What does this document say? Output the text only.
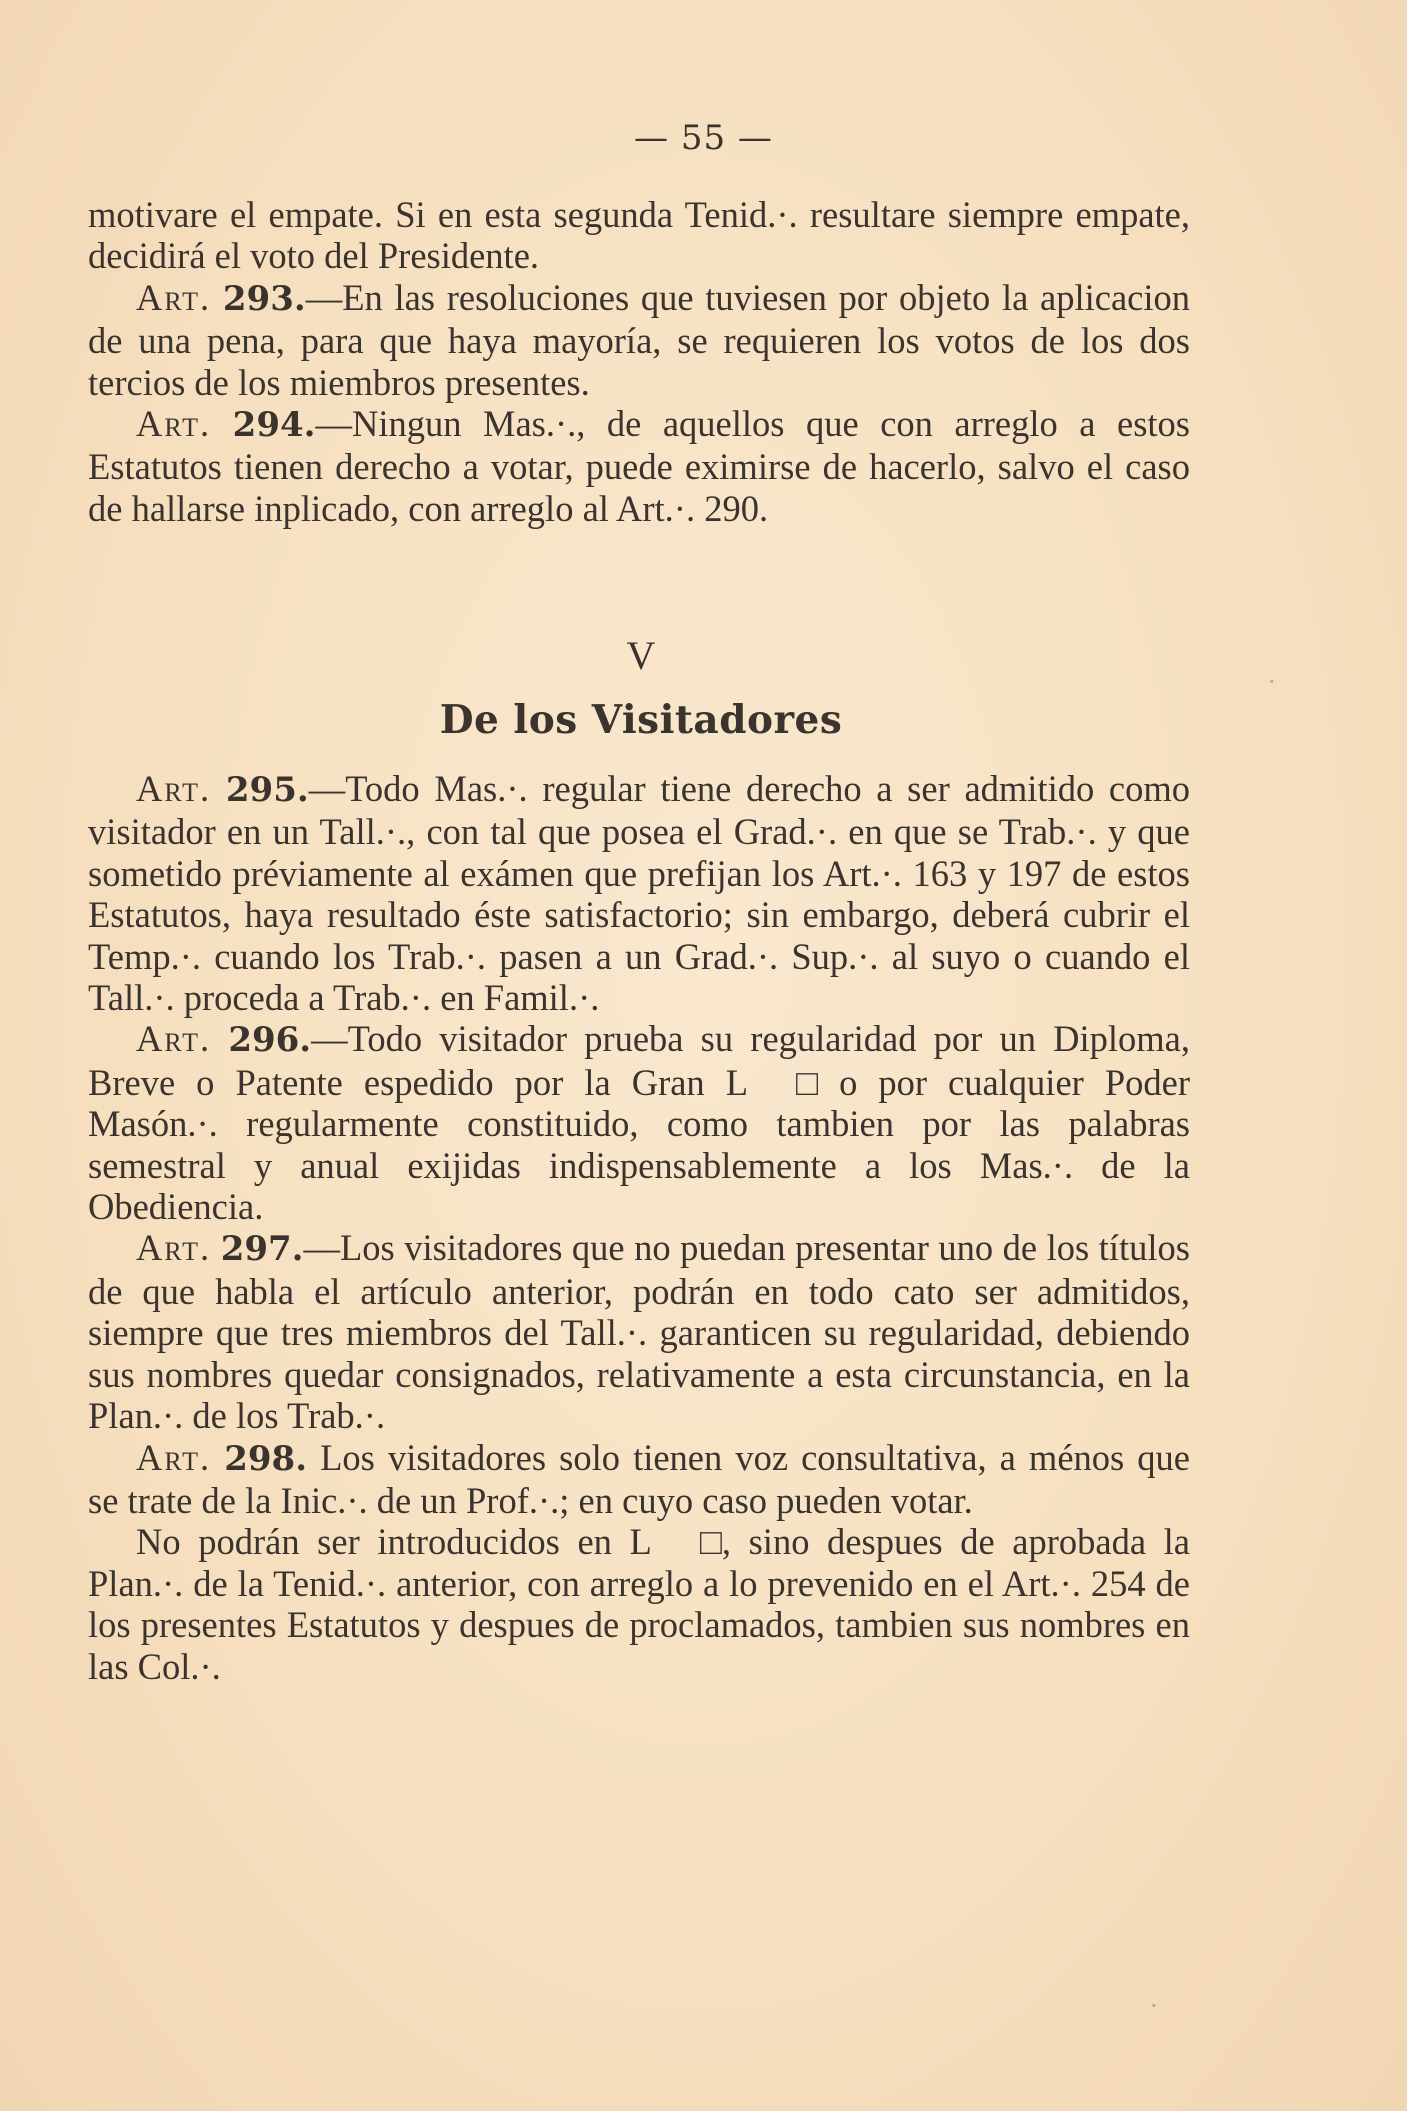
— 55 —

motivare el empate. Si en esta segunda Tenid.·. resultare siempre empate, decidirá el voto del Presidente.

Art. 293.—En las resoluciones que tuviesen por objeto la aplicacion de una pena, para que haya mayoría, se requieren los votos de los dos tercios de los miembros presentes.

Art. 294.—Ningun Mas.·., de aquellos que con arreglo a estos Estatutos tienen derecho a votar, puede eximirse de hacerlo, salvo el caso de hallarse inplicado, con arreglo al Art.·. 290.

V
De los Visitadores

Art. 295.—Todo Mas.·. regular tiene derecho a ser admitido como visitador en un Tall.·., con tal que posea el Grad.·. en que se Trab.·. y que sometido préviamente al exámen que prefijan los Art.·. 163 y 197 de estos Estatutos, haya resultado éste satisfactorio; sin embargo, deberá cubrir el Temp.·. cuando los Trab.·. pasen a un Grad.·. Sup.·. al suyo o cuando el Tall.·. proceda a Trab.·. en Famil.·.

Art. 296.—Todo visitador prueba su regularidad por un Diploma, Breve o Patente espedido por la Gran L □ o por cualquier Poder Masón.·. regularmente constituido, como tambien por las palabras semestral y anual exijidas indispensablemente a los Mas.·. de la Obediencia.

Art. 297.—Los visitadores que no puedan presentar uno de los títulos de que habla el artículo anterior, podrán en todo cato ser admitidos, siempre que tres miembros del Tall.·. garanticen su regularidad, debiendo sus nombres quedar consignados, relativamente a esta circunstancia, en la Plan.·. de los Trab.·.

Art. 298. Los visitadores solo tienen voz consultativa, a ménos que se trate de la Inic.·. de un Prof.·.; en cuyo caso pueden votar.

No podrán ser introducidos en L □, sino despues de aprobada la Plan.·. de la Tenid.·. anterior, con arreglo a lo prevenido en el Art.·. 254 de los presentes Estatutos y despues de proclamados, tambien sus nombres en las Col.·.

·
·
